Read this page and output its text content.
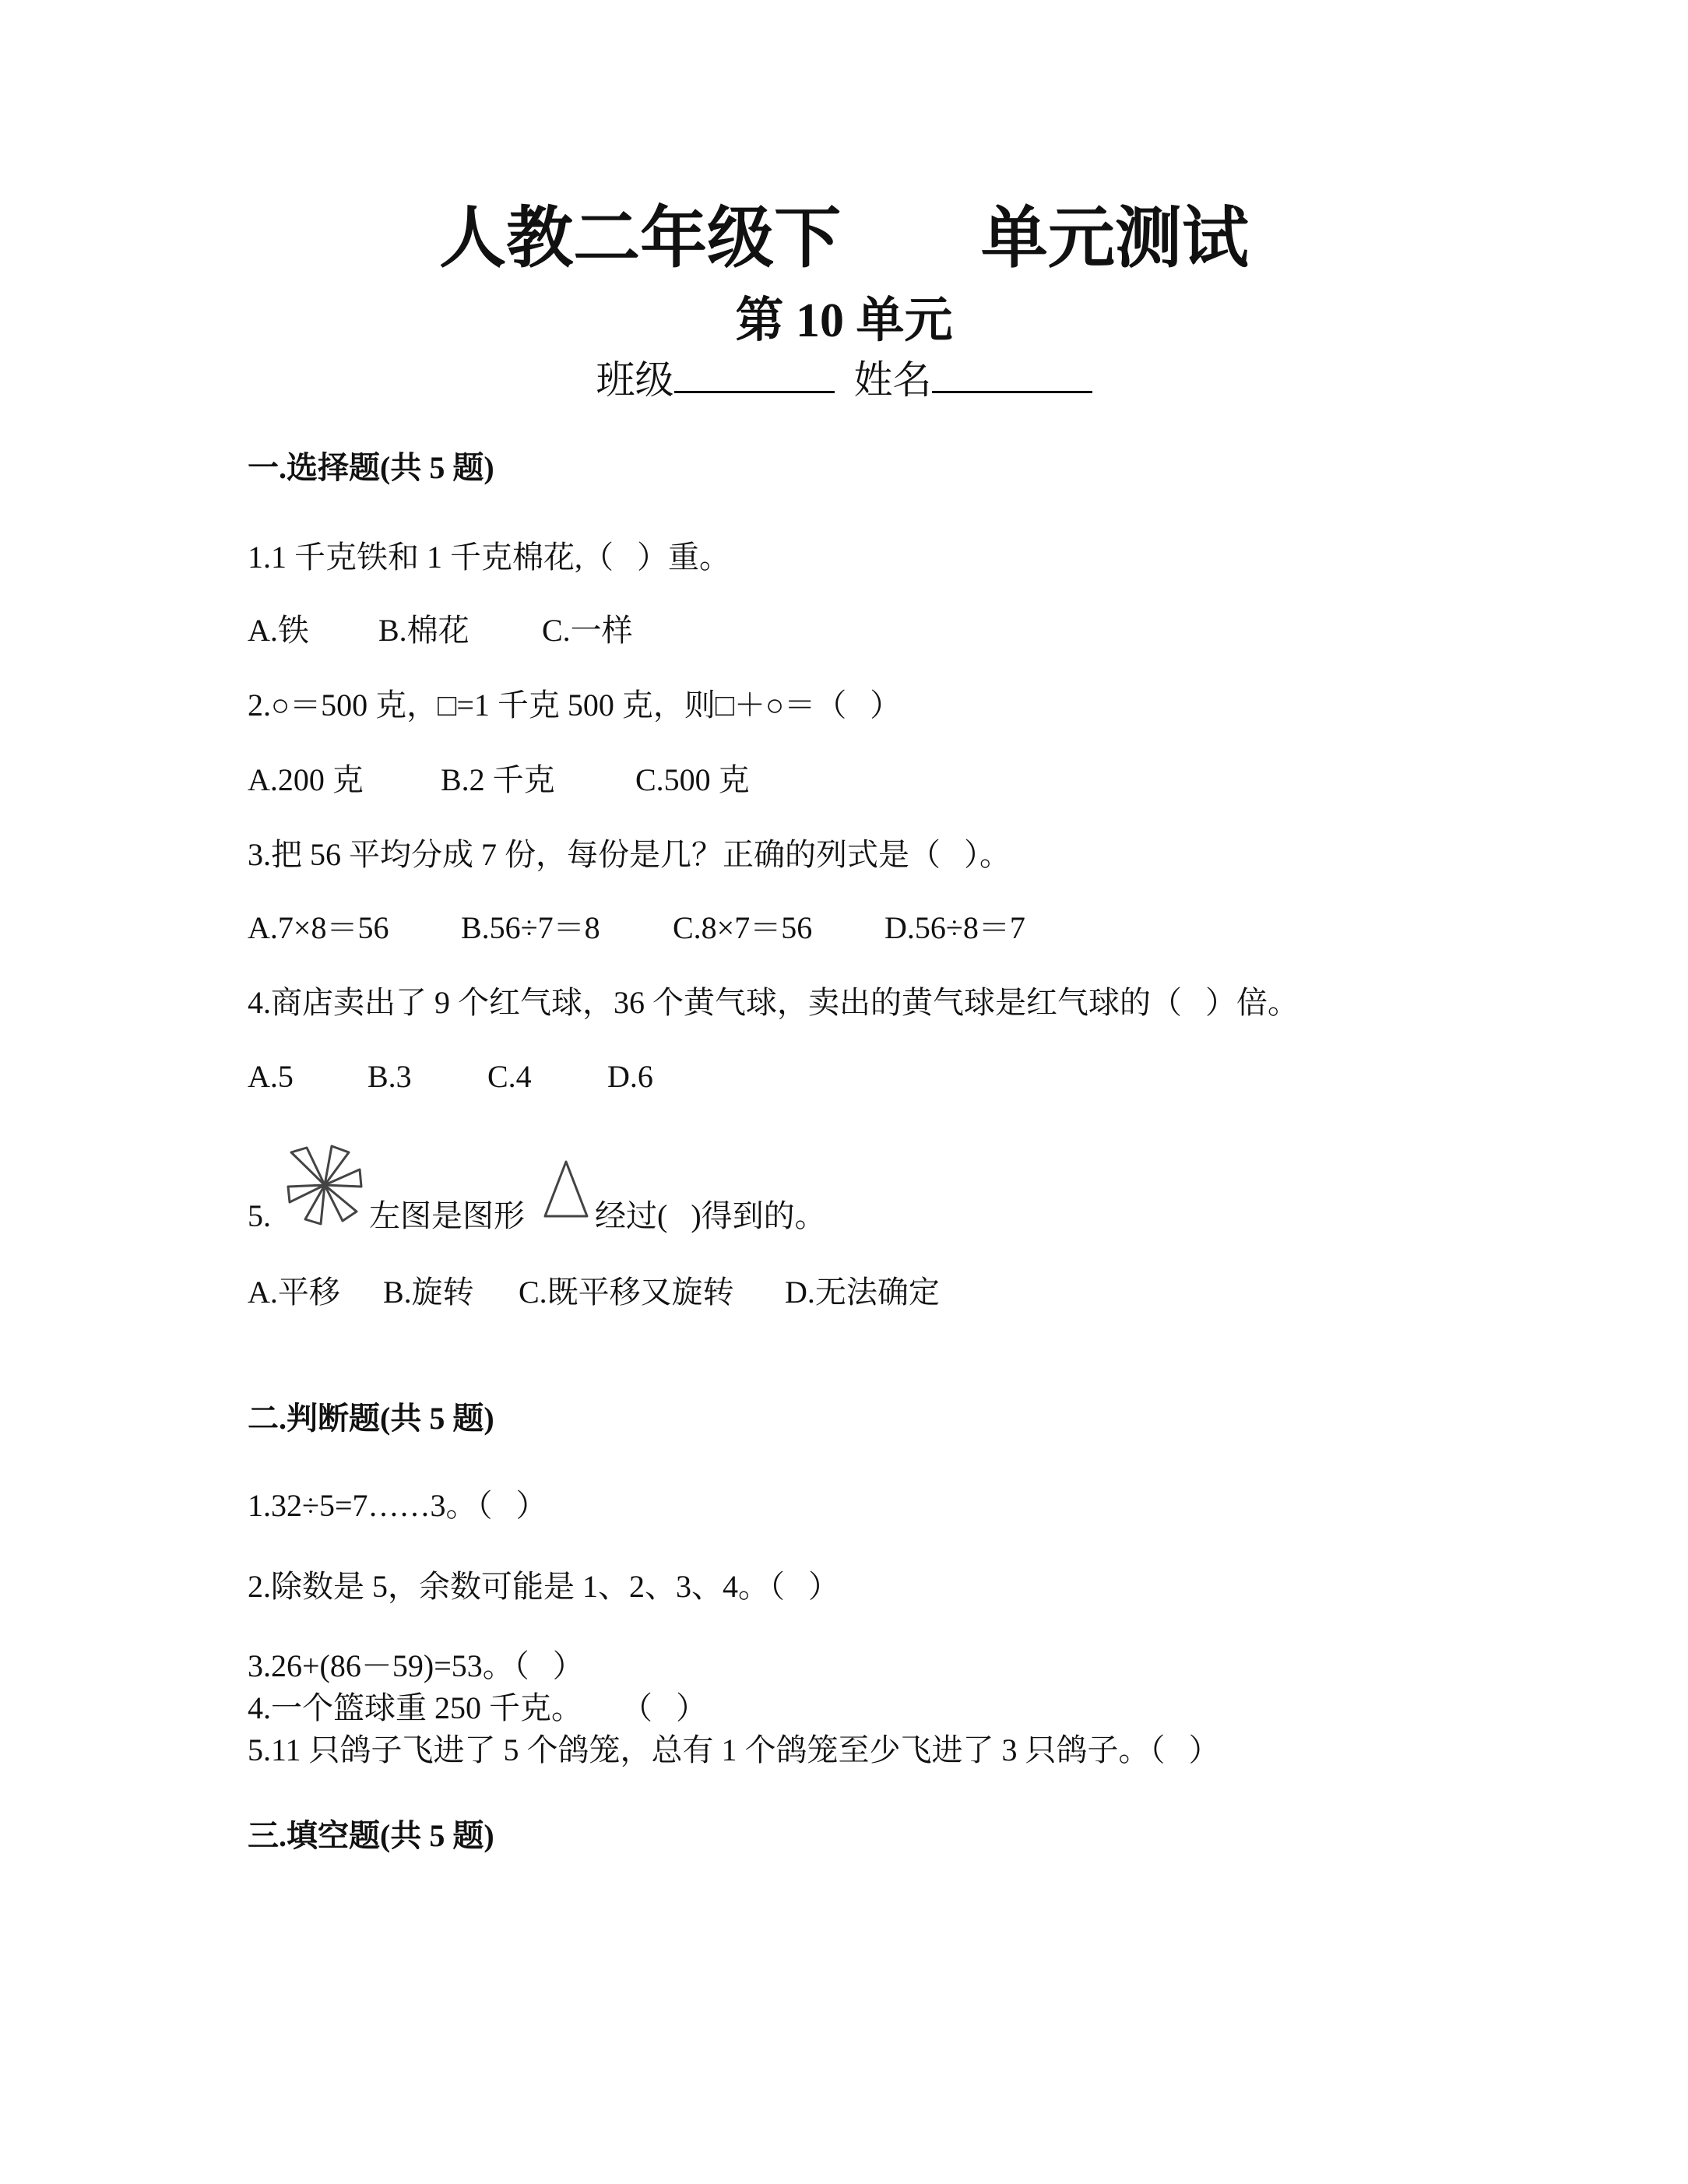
人教二年级下      单元测试
第 10 单元
班级	姓名
一.选择题(共 5 题)
1.1 千克铁和 1 千克棉花,（   ）重。
A.铁 B.棉花 C.一样
2.○＝500 克，□=1 千克 500 克，则□＋○＝（   ）
A.200 克 B.2 千克	C.500 克
3.把 56 平均分成 7 份，每份是几？正确的列式是（   ）。
A.7×8＝56 B.56÷7＝8 C.8×7＝56 D.56÷8＝7
4.商店卖出了 9 个红气球，36 个黄气球，卖出的黄气球是红气球的（   ）倍。
A.5 B.3 C.4 D.6
5.	左图是图形 经过(   )得到的。
A.平移 B.旋转 C.既平移又旋转 D.无法确定
二.判断题(共 5 题)
1.32÷5=7……3。（   ）
2.除数是 5，余数可能是 1、2、3、4。（   ）
3.26+(86－59)=53。（   ）
4.一个篮球重 250 千克。     （   ）
5.11 只鸽子飞进了 5 个鸽笼，总有 1 个鸽笼至少飞进了 3 只鸽子。（   ）
三.填空题(共 5 题)
